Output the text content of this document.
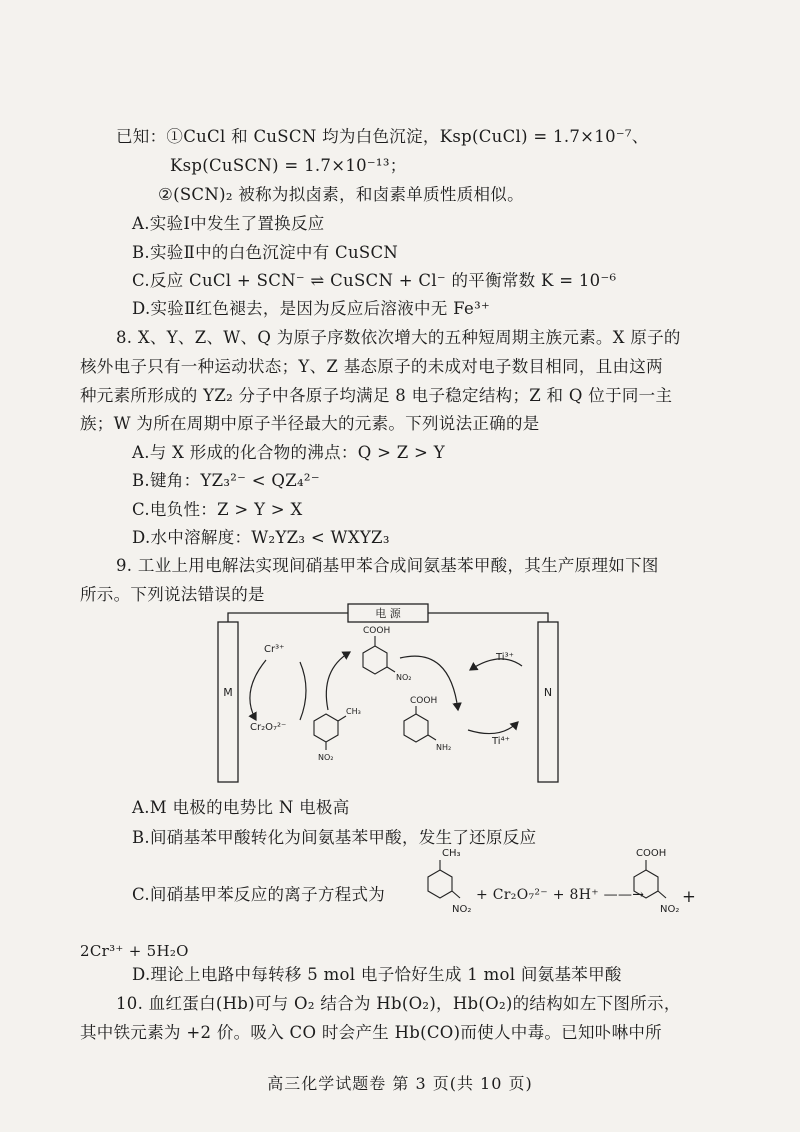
已知：①CuCl 和 CuSCN 均为白色沉淀，Ksp(CuCl) = 1.7×10⁻⁷、
Ksp(CuSCN) = 1.7×10⁻¹³；
②(SCN)₂ 被称为拟卤素，和卤素单质性质相似。
A.实验Ⅰ中发生了置换反应
B.实验Ⅱ中的白色沉淀中有 CuSCN
C.反应 CuCl + SCN⁻ ⇌ CuSCN + Cl⁻ 的平衡常数 K = 10⁻⁶
D.实验Ⅱ红色褪去，是因为反应后溶液中无 Fe³⁺
8. X、Y、Z、W、Q 为原子序数依次增大的五种短周期主族元素。X 原子的
核外电子只有一种运动状态；Y、Z 基态原子的未成对电子数目相同，且由这两
种元素所形成的 YZ₂ 分子中各原子均满足 8 电子稳定结构；Z 和 Q 位于同一主
族；W 为所在周期中原子半径最大的元素。下列说法正确的是
A.与 X 形成的化合物的沸点：Q > Z > Y
B.键角：YZ₃²⁻ < QZ₄²⁻
C.电负性：Z > Y > X
D.水中溶解度：W₂YZ₃ < WXYZ₃
9. 工业上用电解法实现间硝基甲苯合成间氨基苯甲酸，其生产原理如下图
所示。下列说法错误的是
电 源
M	N
Cr³⁺
Cr₂O₇²⁻
COOH
NO₂
CH₃
NO₂
COOH
NH₂
Ti³⁺
Ti⁴⁺
A.M 电极的电势比 N 电极高
B.间硝基苯甲酸转化为间氨基苯甲酸，发生了还原反应
C.间硝基甲苯反应的离子方程式为
CH₃
NO₂
+ Cr₂O₇²⁻ + 8H⁺ ——→
COOH
NO₂
+
2Cr³⁺ + 5H₂O
D.理论上电路中每转移 5 mol 电子恰好生成 1 mol 间氨基苯甲酸
10. 血红蛋白(Hb)可与 O₂ 结合为 Hb(O₂)，Hb(O₂)的结构如左下图所示，
其中铁元素为 +2 价。吸入 CO 时会产生 Hb(CO)而使人中毒。已知卟啉中所
高三化学试题卷 第 3 页(共 10 页)
